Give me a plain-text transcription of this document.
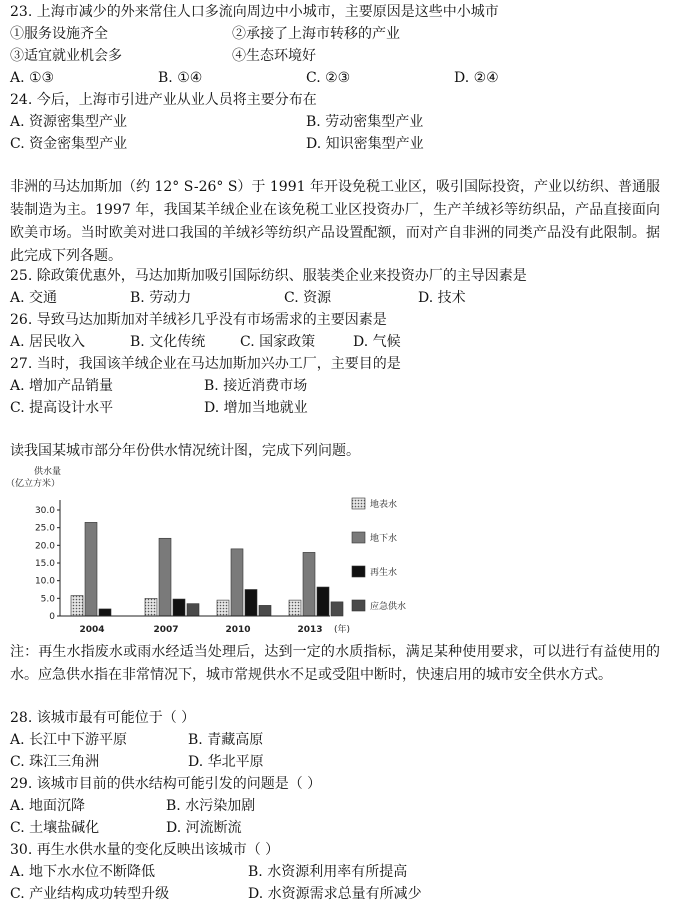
23. 上海市减少的外来常住人口多流向周边中小城市，主要原因是这些中小城市
①服务设施齐全	②承接了上海市转移的产业
③适宜就业机会多	④生态环境好
A. ①③	B. ①④	C. ②③	D. ②④
24. 今后，上海市引进产业从业人员将主要分布在
A. 资源密集型产业	B. 劳动密集型产业
C. 资金密集型产业	D. 知识密集型产业
非洲的马达加斯加（约 12° S-26° S）于 1991 年开设免税工业区，吸引国际投资，产业以纺织、普通服装制造为主。1997 年，我国某羊绒企业在该免税工业区投资办厂，生产羊绒衫等纺织品，产品直接面向欧美市场。当时欧美对进口我国的羊绒衫等纺织产品设置配额，而对产自非洲的同类产品没有此限制。据此完成下列各题。
25. 除政策优惠外，马达加斯加吸引国际纺织、服装类企业来投资办厂的主导因素是
A. 交通	B. 劳动力	C. 资源	D. 技术
26. 导致马达加斯加对羊绒衫几乎没有市场需求的主要因素是
A. 居民收入	B. 文化传统 C. 国家政策	D. 气候
27. 当时，我国该羊绒企业在马达加斯加兴办工厂，主要目的是
A. 增加产品销量	B. 接近消费市场
C. 提高设计水平	D. 增加当地就业
读我国某城市部分年份供水情况统计图，完成下列问题。
供水量
（亿立方米）
0
5.0
10.0
15.0
20.0
25.0
30.0
2004	2007	2010	2013 (年)
地表水
地下水
再生水
应急供水
注：再生水指废水或雨水经适当处理后，达到一定的水质指标，满足某种使用要求，可以进行有益使用的水。应急供水指在非常情况下，城市常规供水不足或受阻中断时，快速启用的城市安全供水方式。
28. 该城市最有可能位于（ ）
A. 长江中下游平原	B. 青藏高原
C. 珠江三角洲	D. 华北平原
29. 该城市目前的供水结构可能引发的问题是（ ）
A. 地面沉降	B. 水污染加剧
C. 土壤盐碱化	D. 河流断流
30. 再生水供水量的变化反映出该城市（ ）
A. 地下水水位不断降低	B. 水资源利用率有所提高
C. 产业结构成功转型升级	D. 水资源需求总量有所减少
